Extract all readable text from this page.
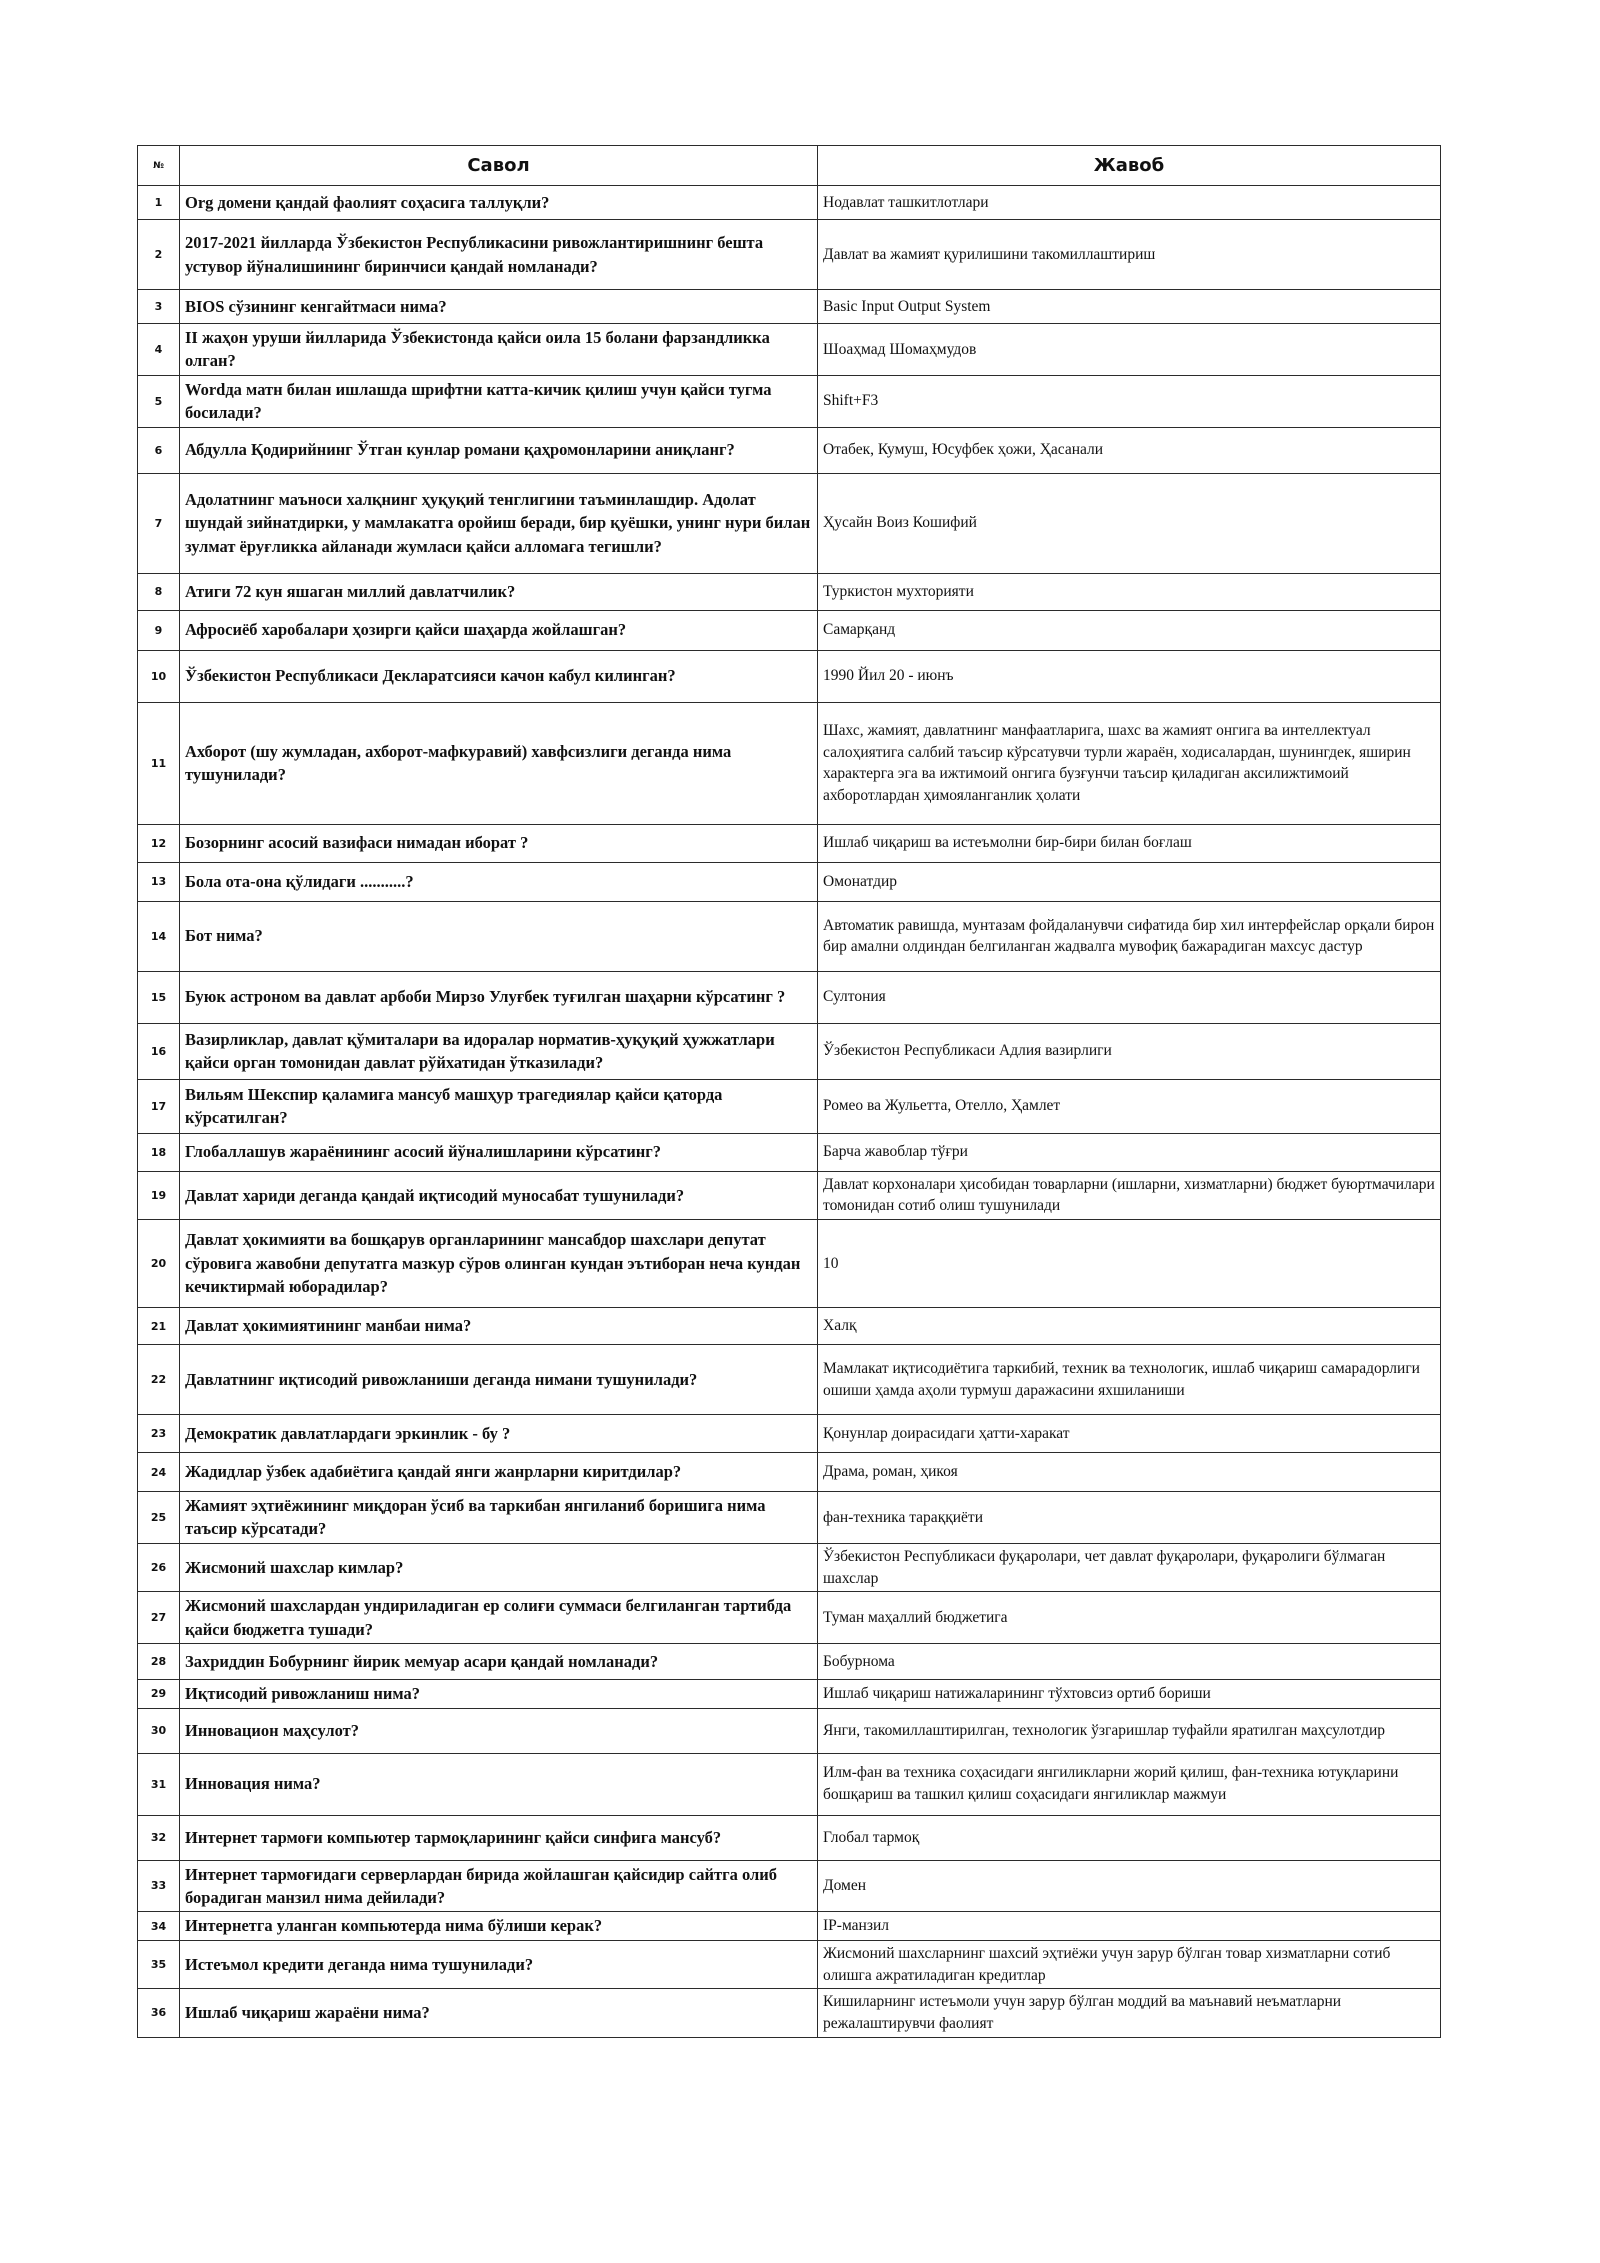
№	Савол	Жавоб
1	Org домени қандай фаолият соҳасига таллуқли?	Нодавлат ташкитлотлари
2	2017-2021 йилларда Ўзбекистон Республикасини ривожлантиришнинг бешта устувор йўналишининг биринчиси қандай номланади?	Давлат ва жамият қурилишини такомиллаштириш
3	BIOS сўзининг кенгайтмаси нима?	Basic Input Output System
4	II жаҳон уруши йилларида Ўзбекистонда қайси оила 15 болани фарзандликка олган?	Шоаҳмад Шомаҳмудов
5	Wordда матн билан ишлашда шрифтни катта-кичик қилиш учун қайси тугма босилади?	Shift+F3
6	Абдулла Қодирийнинг Ўтган кунлар романи қаҳромонларини аниқланг?	Отабек, Кумуш, Юсуфбек ҳожи, Ҳасанали
7	Адолатнинг маъноси халқнинг ҳуқуқий тенглигини таъминлашдир. Адолат шундай зийнатдирки, у мамлакатга оройиш беради, бир қуёшки, унинг нури билан зулмат ёруғликка айланади жумласи қайси алломага тегишли?	Ҳусайн Воиз Кошифий
8	Атиги 72 кун яшаган миллий давлатчилик?	Туркистон мухторияти
9	Афросиёб харобалари ҳозирги қайси шаҳарда жойлашган?	Самарқанд
10	Ўзбекистон Республикаси Декларатсияси качон кабул килинган?	1990 Йил 20 - июнъ
11	Ахборот (шу жумладан, ахборот-мафкуравий) хавфсизлиги деганда нима тушунилади?	Шахс, жамият, давлатнинг манфаатларига, шахс ва жамият онгига ва интеллектуал салоҳиятига салбий таъсир кўрсатувчи турли жараён, ходисалардан, шунингдек, яширин характерга эга ва ижтимоий онгига бузғунчи таъсир қиладиган аксилижтимоий ахборотлардан ҳимояланганлик ҳолати
12	Бозорнинг асосий вазифаси нимадан иборат ?	Ишлаб чиқариш ва истеъмолни бир-бири билан боғлаш
13	Бола ота-она қўлидаги ...........?	Омонатдир
14	Бот нима?	Автоматик равишда, мунтазам фойдаланувчи сифатида бир хил интерфейслар орқали бирон бир амални олдиндан белгиланган жадвалга мувофиқ бажарадиган махсус дастур
15	Буюк астроном ва давлат арбоби Мирзо Улуғбек туғилган шаҳарни кўрсатинг ?	Султония
16	Вазирликлар, давлат қўмиталари ва идоралар норматив-ҳуқуқий ҳужжатлари қайси орган томонидан давлат рўйхатидан ўтказилади?	Ўзбекистон Республикаси Адлия вазирлиги
17	Вильям Шекспир қаламига мансуб машҳур трагедиялар қайси қаторда кўрсатилган?	Ромео ва Жульетта, Отелло, Ҳамлет
18	Глобаллашув жараёнининг асосий йўналишларини кўрсатинг?	Барча жавоблар тўғри
19	Давлат хариди деганда қандай иқтисодий муносабат тушунилади?	Давлат корхоналари ҳисобидан товарларни (ишларни, хизматларни) бюджет буюртмачилари томонидан сотиб олиш тушунилади
20	Давлат ҳокимияти ва бошқарув органларининг мансабдор шахслари депутат сўровига жавобни депутатга мазкур сўров олинган кундан эътиборан неча кундан кечиктирмай юборадилар?	10
21	Давлат ҳокимиятининг манбаи нима?	Халқ
22	Давлатнинг иқтисодий ривожланиши деганда нимани тушунилади?	Мамлакат иқтисодиётига таркибий, техник ва технологик, ишлаб чиқариш самарадорлиги ошиши ҳамда аҳоли турмуш даражасини яхшиланиши
23	Демократик давлатлардаги эркинлик - бу ?	Қонунлар доирасидаги ҳатти-харакат
24	Жадидлар ўзбек адабиётига қандай янги жанрларни киритдилар?	Драма, роман, ҳикоя
25	Жамият эҳтиёжининг миқдоран ўсиб ва таркибан янгиланиб боришига нима таъсир кўрсатади?	фан-техника тараққиёти
26	Жисмоний шахслар кимлар?	Ўзбекистон Республикаси фуқаролари, чет давлат фуқаролари, фуқаролиги бўлмаган шахслар
27	Жисмоний шахслардан ундириладиган ер солиғи суммаси белгиланган тартибда қайси бюджетга тушади?	Туман маҳаллий бюджетига
28	Захриддин Бобурнинг йирик мемуар асари қандай номланади?	Бобурнома
29	Иқтисодий ривожланиш нима?	Ишлаб чиқариш натижаларининг тўхтовсиз ортиб бориши
30	Инновацион маҳсулот?	Янги, такомиллаштирилган, технологик ўзгаришлар туфайли яратилган маҳсулотдир
31	Инновация нима?	Илм-фан ва техника соҳасидаги янгиликларни жорий қилиш, фан-техника ютуқларини бошқариш ва ташкил қилиш соҳасидаги янгиликлар мажмуи
32	Интернет тармоғи компьютер тармоқларининг қайси синфига мансуб?	Глобал тармоқ
33	Интернет тармоғидаги серверлардан бирида жойлашган қайсидир сайтга олиб борадиган манзил нима дейилади?	Домен
34	Интернетга уланган компьютерда нима бўлиши керак?	IP-манзил
35	Истеъмол кредити деганда нима тушунилади?	Жисмоний шахсларнинг шахсий эҳтиёжи учун зарур бўлган товар хизматларни сотиб олишга ажратиладиган кредитлар
36	Ишлаб чиқариш жараёни нима?	Кишиларнинг истеъмоли учун зарур бўлган моддий ва маънавий неъматларни режалаштирувчи фаолият
